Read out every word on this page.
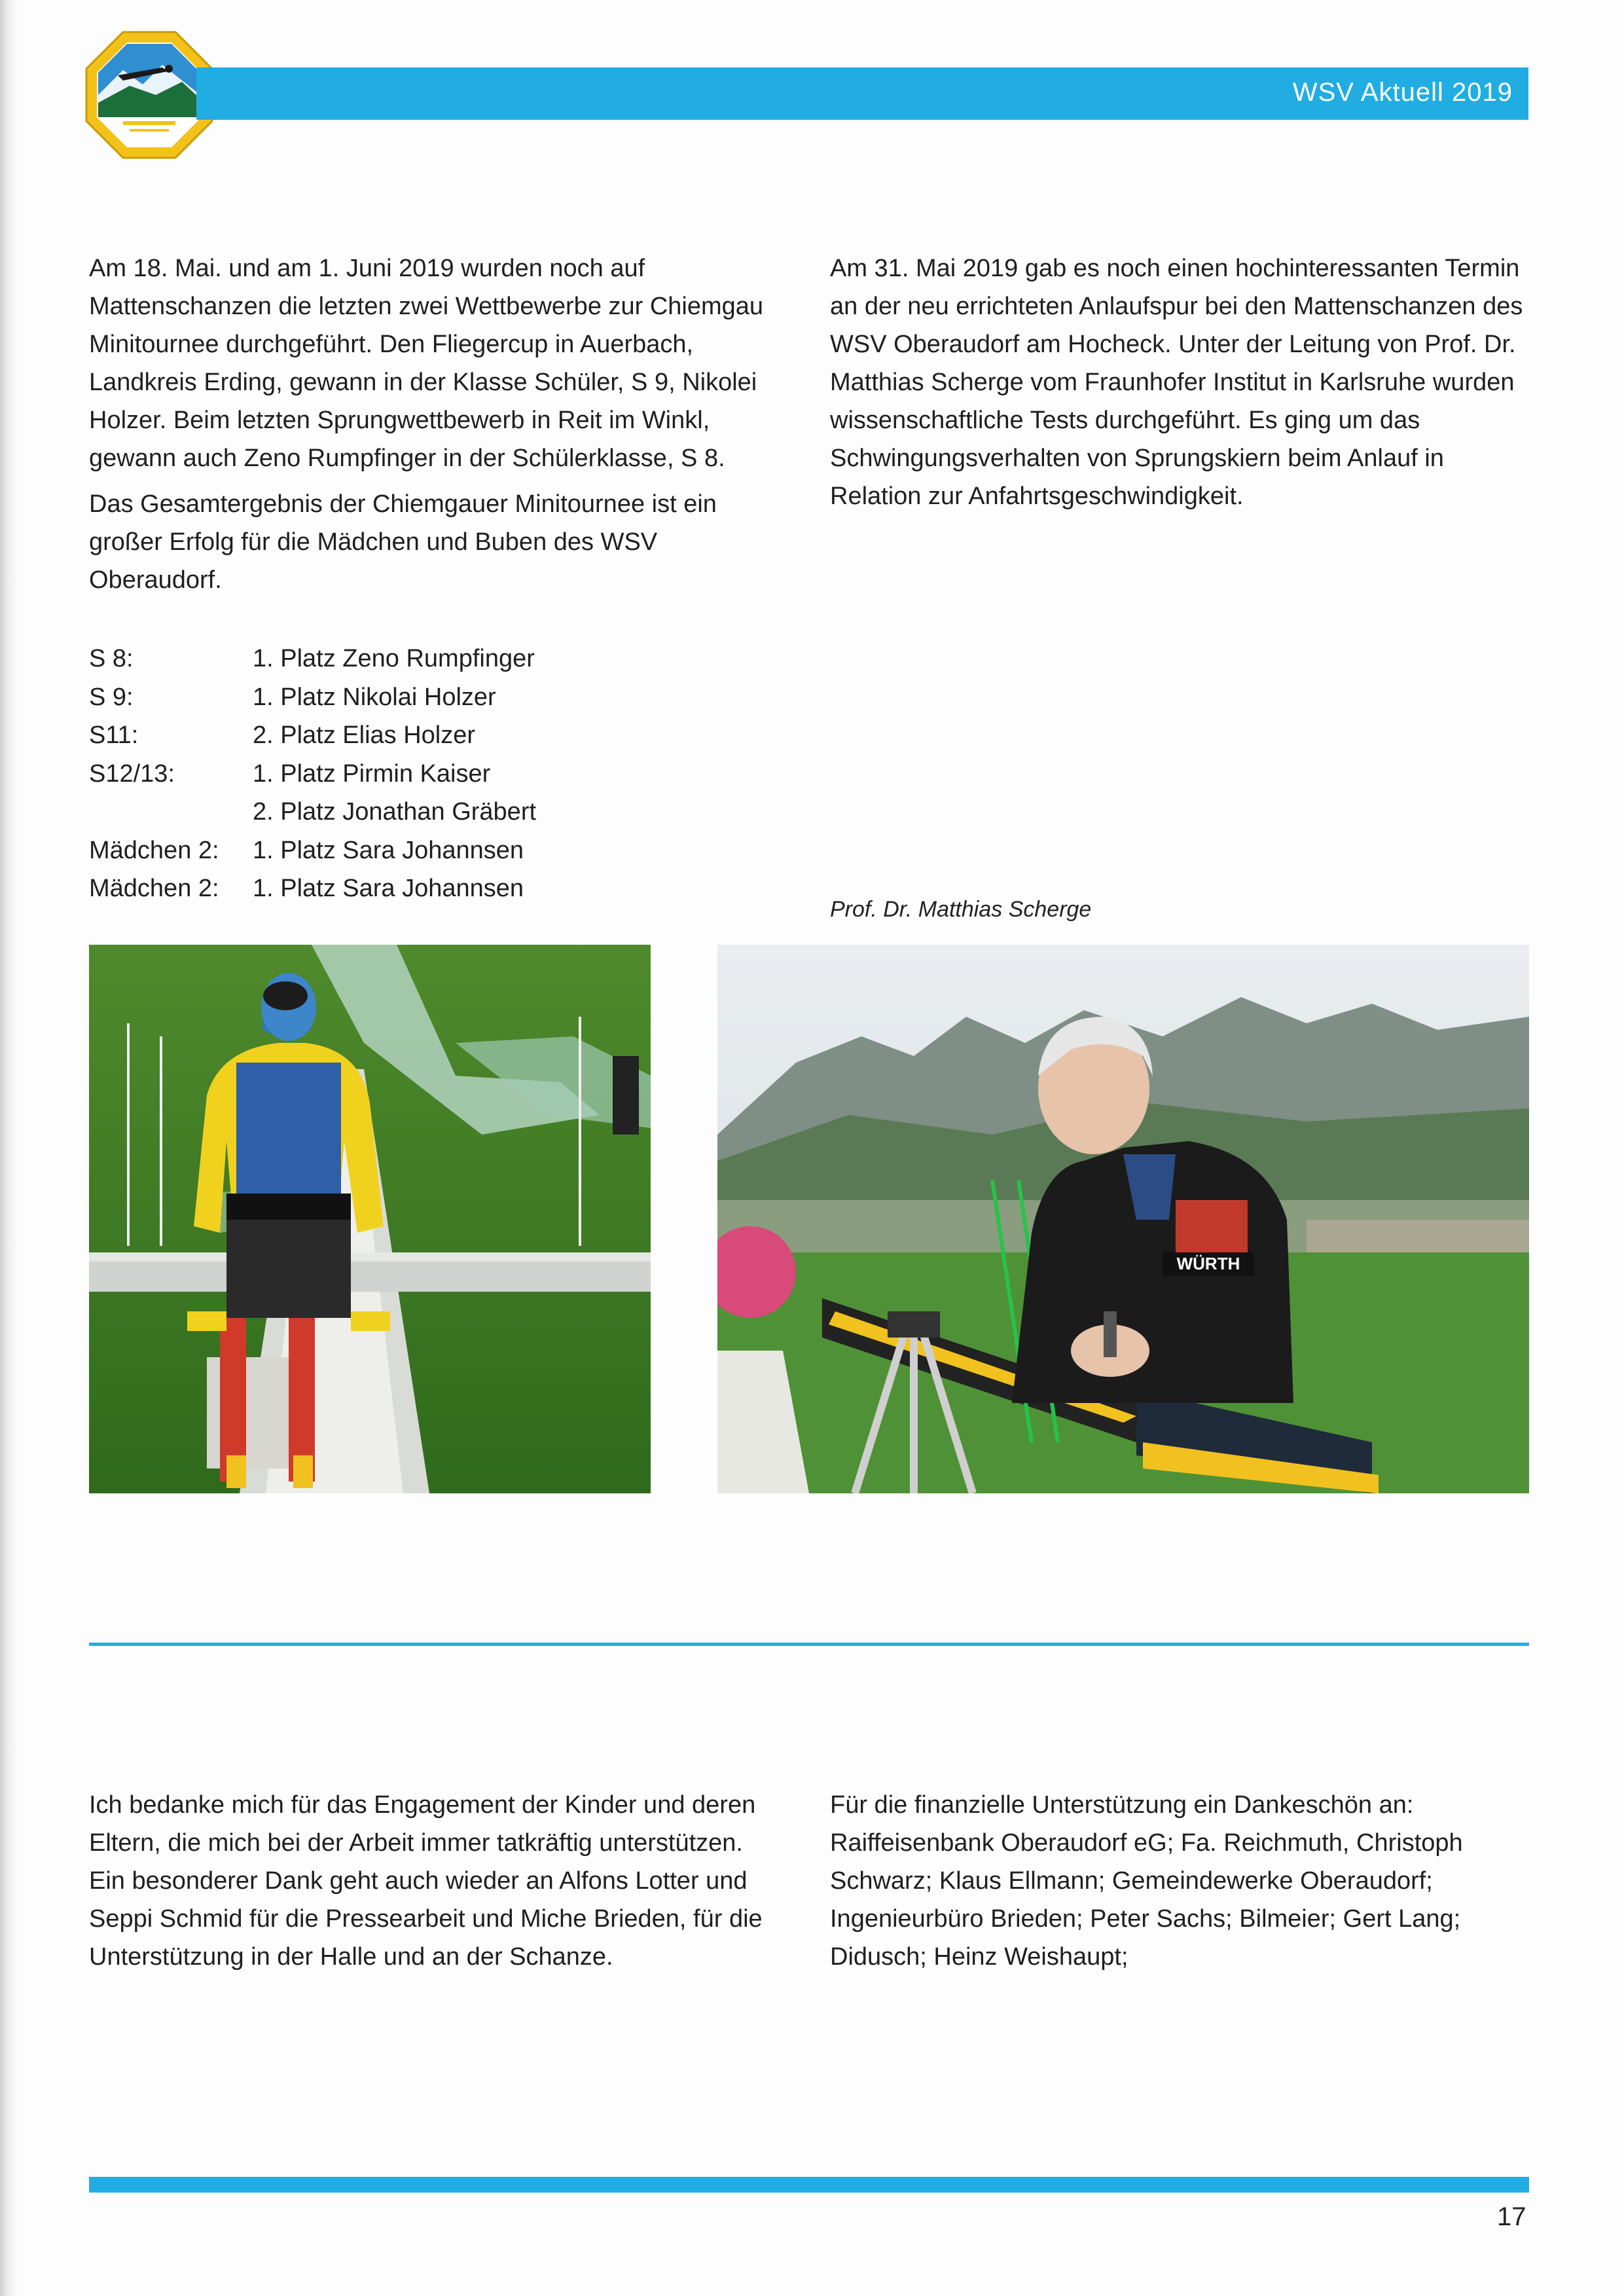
WSV Aktuell 2019

Am 18. Mai. und am 1. Juni 2019 wurden noch auf Mattenschanzen die letzten zwei Wettbewerbe zur Chiemgau Minitournee durchgeführt. Den Fliegercup in Auerbach, Landkreis Erding, gewann in der Klasse Schüler, S 9, Nikolei Holzer. Beim letzten Sprungwettbewerb in Reit im Winkl, gewann auch Zeno Rumpfinger in der Schülerklasse, S 8.

Das Gesamtergebnis der Chiemgauer Minitournee ist ein großer Erfolg für die Mädchen und Buben des WSV Oberaudorf.

S 8:	1. Platz Zeno Rumpfinger
S 9:	1. Platz Nikolai Holzer
S11:	2. Platz Elias Holzer
S12/13:	1. Platz Pirmin Kaiser
2. Platz Jonathan Gräbert
Mädchen 2:	1. Platz Sara Johannsen
Mädchen 2:	1. Platz Sara Johannsen

Am 31. Mai 2019 gab es noch einen hochinteressanten Termin an der neu errichteten Anlaufspur bei den Mattenschanzen des WSV Oberaudorf am Hocheck. Unter der Leitung von Prof. Dr. Matthias Scherge vom Fraunhofer Institut in Karlsruhe wurden wissenschaftliche Tests durchgeführt. Es ging um das Schwingungsverhalten von Sprungskiern beim Anlauf in Relation zur Anfahrtsgeschwindigkeit.

Prof. Dr. Matthias Scherge
WÜRTH

Ich bedanke mich für das Engagement der Kinder und deren Eltern, die mich bei der Arbeit immer tatkräftig unterstützen. Ein besonderer Dank geht auch wieder an Alfons Lotter und Seppi Schmid für die Pressearbeit und Miche Brieden, für die Unterstützung in der Halle und an der Schanze.

Für die finanzielle Unterstützung ein Dankeschön an:

Raiffeisenbank Oberaudorf eG; Fa. Reichmuth, Christoph Schwarz; Klaus Ellmann; Gemeindewerke Oberaudorf; Ingenieurbüro Brieden; Peter Sachs; Bilmeier; Gert Lang; Didusch; Heinz Weishaupt;

17
